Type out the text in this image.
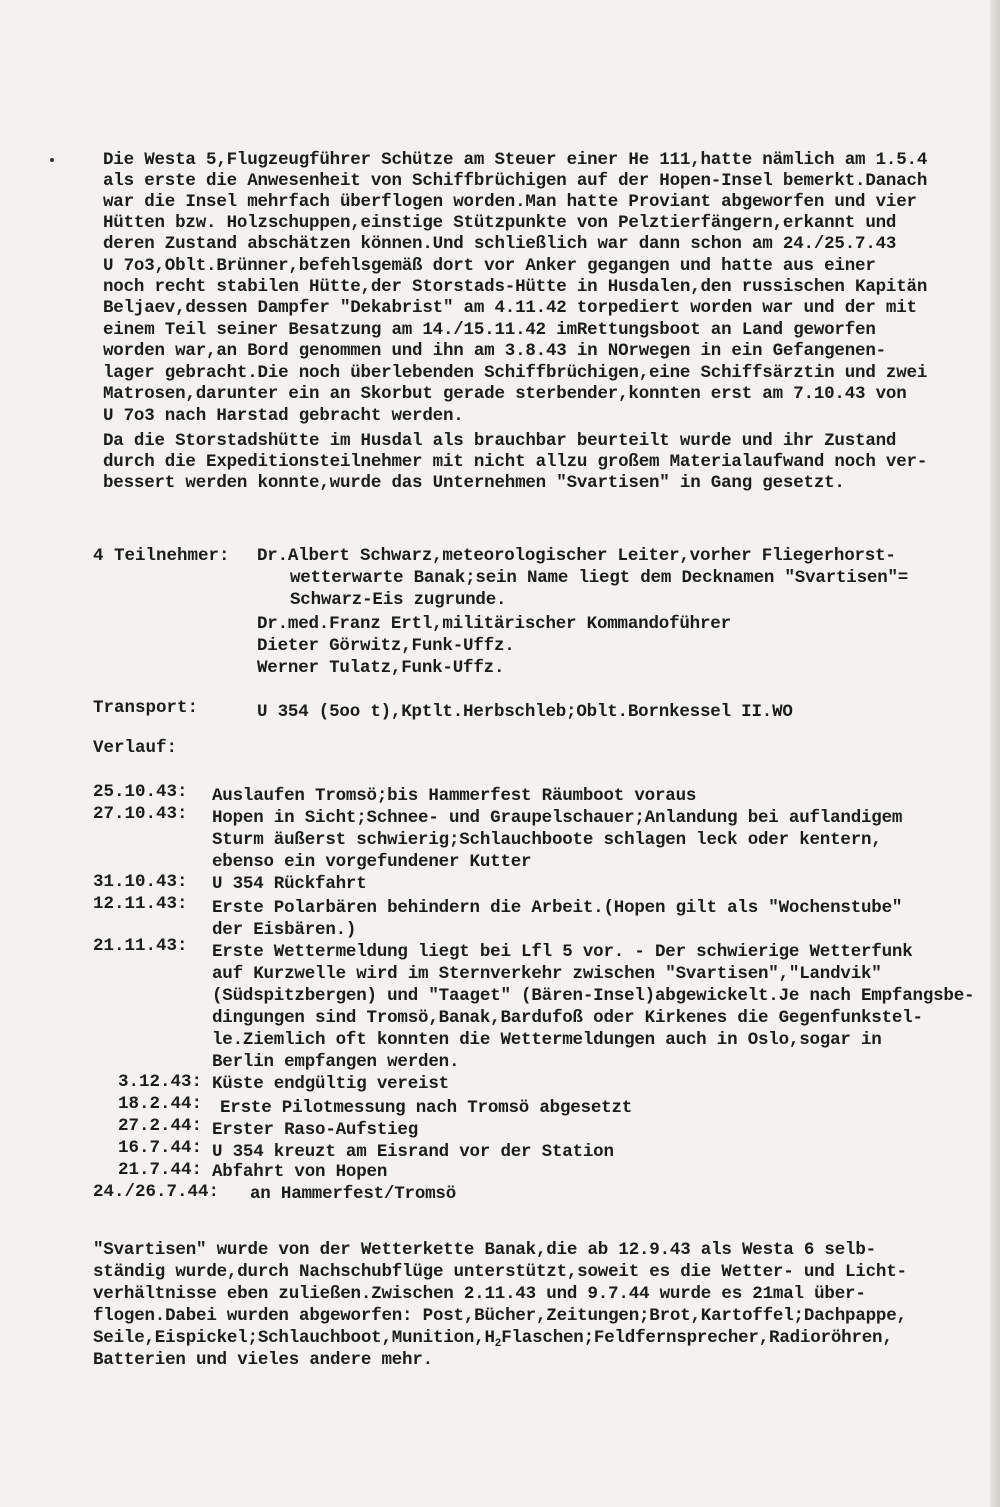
Die Westa 5,Flugzeugführer Schütze am Steuer einer He 111,hatte nämlich am 1.5.4
als erste die Anwesenheit von Schiffbrüchigen auf der Hopen-Insel bemerkt.Danach
war die Insel mehrfach überflogen worden.Man hatte Proviant abgeworfen und vier
Hütten bzw. Holzschuppen,einstige Stützpunkte von Pelztierfängern,erkannt und
deren Zustand abschätzen können.Und schließlich war dann schon am 24./25.7.43
U 7o3,Oblt.Brünner,befehlsgemäß dort vor Anker gegangen und hatte aus einer
noch recht stabilen Hütte,der Storstads-Hütte in Husdalen,den russischen Kapitän
Beljaev,dessen Dampfer "Dekabrist" am 4.11.42 torpediert worden war und der mit
einem Teil seiner Besatzung am 14./15.11.42 imRettungsboot an Land geworfen
worden war,an Bord genommen und ihn am 3.8.43 in NOrwegen in ein Gefangenen-
lager gebracht.Die noch überlebenden Schiffbrüchigen,eine Schiffsärztin und zwei
Matrosen,darunter ein an Skorbut gerade sterbender,konnten erst am 7.10.43 von
U 7o3 nach Harstad gebracht werden.
Da die Storstadshütte im Husdal als brauchbar beurteilt wurde und ihr Zustand
durch die Expeditionsteilnehmer mit nicht allzu großem Materialaufwand noch ver-
bessert werden konnte,wurde das Unternehmen "Svartisen" in Gang gesetzt.
4 Teilnehmer: Dr.Albert Schwarz,meteorologischer Leiter,vorher Fliegerhorst-
wetterwarte Banak;sein Name liegt dem Decknamen "Svartisen"=
Schwarz-Eis zugrunde.
Dr.med.Franz Ertl,militärischer Kommandoführer
Dieter Görwitz,Funk-Uffz.
Werner Tulatz,Funk-Uffz.
Transport:	U 354 (5oo t),Kptlt.Herbschleb;Oblt.Bornkessel II.WO
Verlauf:
25.10.43: Auslaufen Tromsö;bis Hammerfest Räumboot voraus
27.10.43: Hopen in Sicht;Schnee- und Graupelschauer;Anlandung bei auflandigem
Sturm äußerst schwierig;Schlauchboote schlagen leck oder kentern,
ebenso ein vorgefundener Kutter
31.10.43: U 354 Rückfahrt
12.11.43: Erste Polarbären behindern die Arbeit.(Hopen gilt als "Wochenstube"
der Eisbären.)
21.11.43: Erste Wettermeldung liegt bei Lfl 5 vor. - Der schwierige Wetterfunk
auf Kurzwelle wird im Sternverkehr zwischen "Svartisen","Landvik"
(Südspitzbergen) und "Taaget" (Bären-Insel)abgewickelt.Je nach Empfangsbe-
dingungen sind Tromsö,Banak,Bardufoß oder Kirkenes die Gegenfunkstel-
le.Ziemlich oft konnten die Wettermeldungen auch in Oslo,sogar in
Berlin empfangen werden.
3.12.43: Küste endgültig vereist
18.2.44: Erste Pilotmessung nach Tromsö abgesetzt
27.2.44: Erster Raso-Aufstieg
16.7.44: U 354 kreuzt am Eisrand vor der Station
21.7.44: Abfahrt von Hopen
24./26.7.44: an Hammerfest/Tromsö
"Svartisen" wurde von der Wetterkette Banak,die ab 12.9.43 als Westa 6 selb-
ständig wurde,durch Nachschubflüge unterstützt,soweit es die Wetter- und Licht-
verhältnisse eben zuließen.Zwischen 2.11.43 und 9.7.44 wurde es 21mal über-
flogen.Dabei wurden abgeworfen: Post,Bücher,Zeitungen;Brot,Kartoffel;Dachpappe,
$Seile,Eispickel;Schlauchboot,Munition,H_2Flaschen;Feldfernsprecher,Radioröhren$,
Batterien und vieles andere mehr.
